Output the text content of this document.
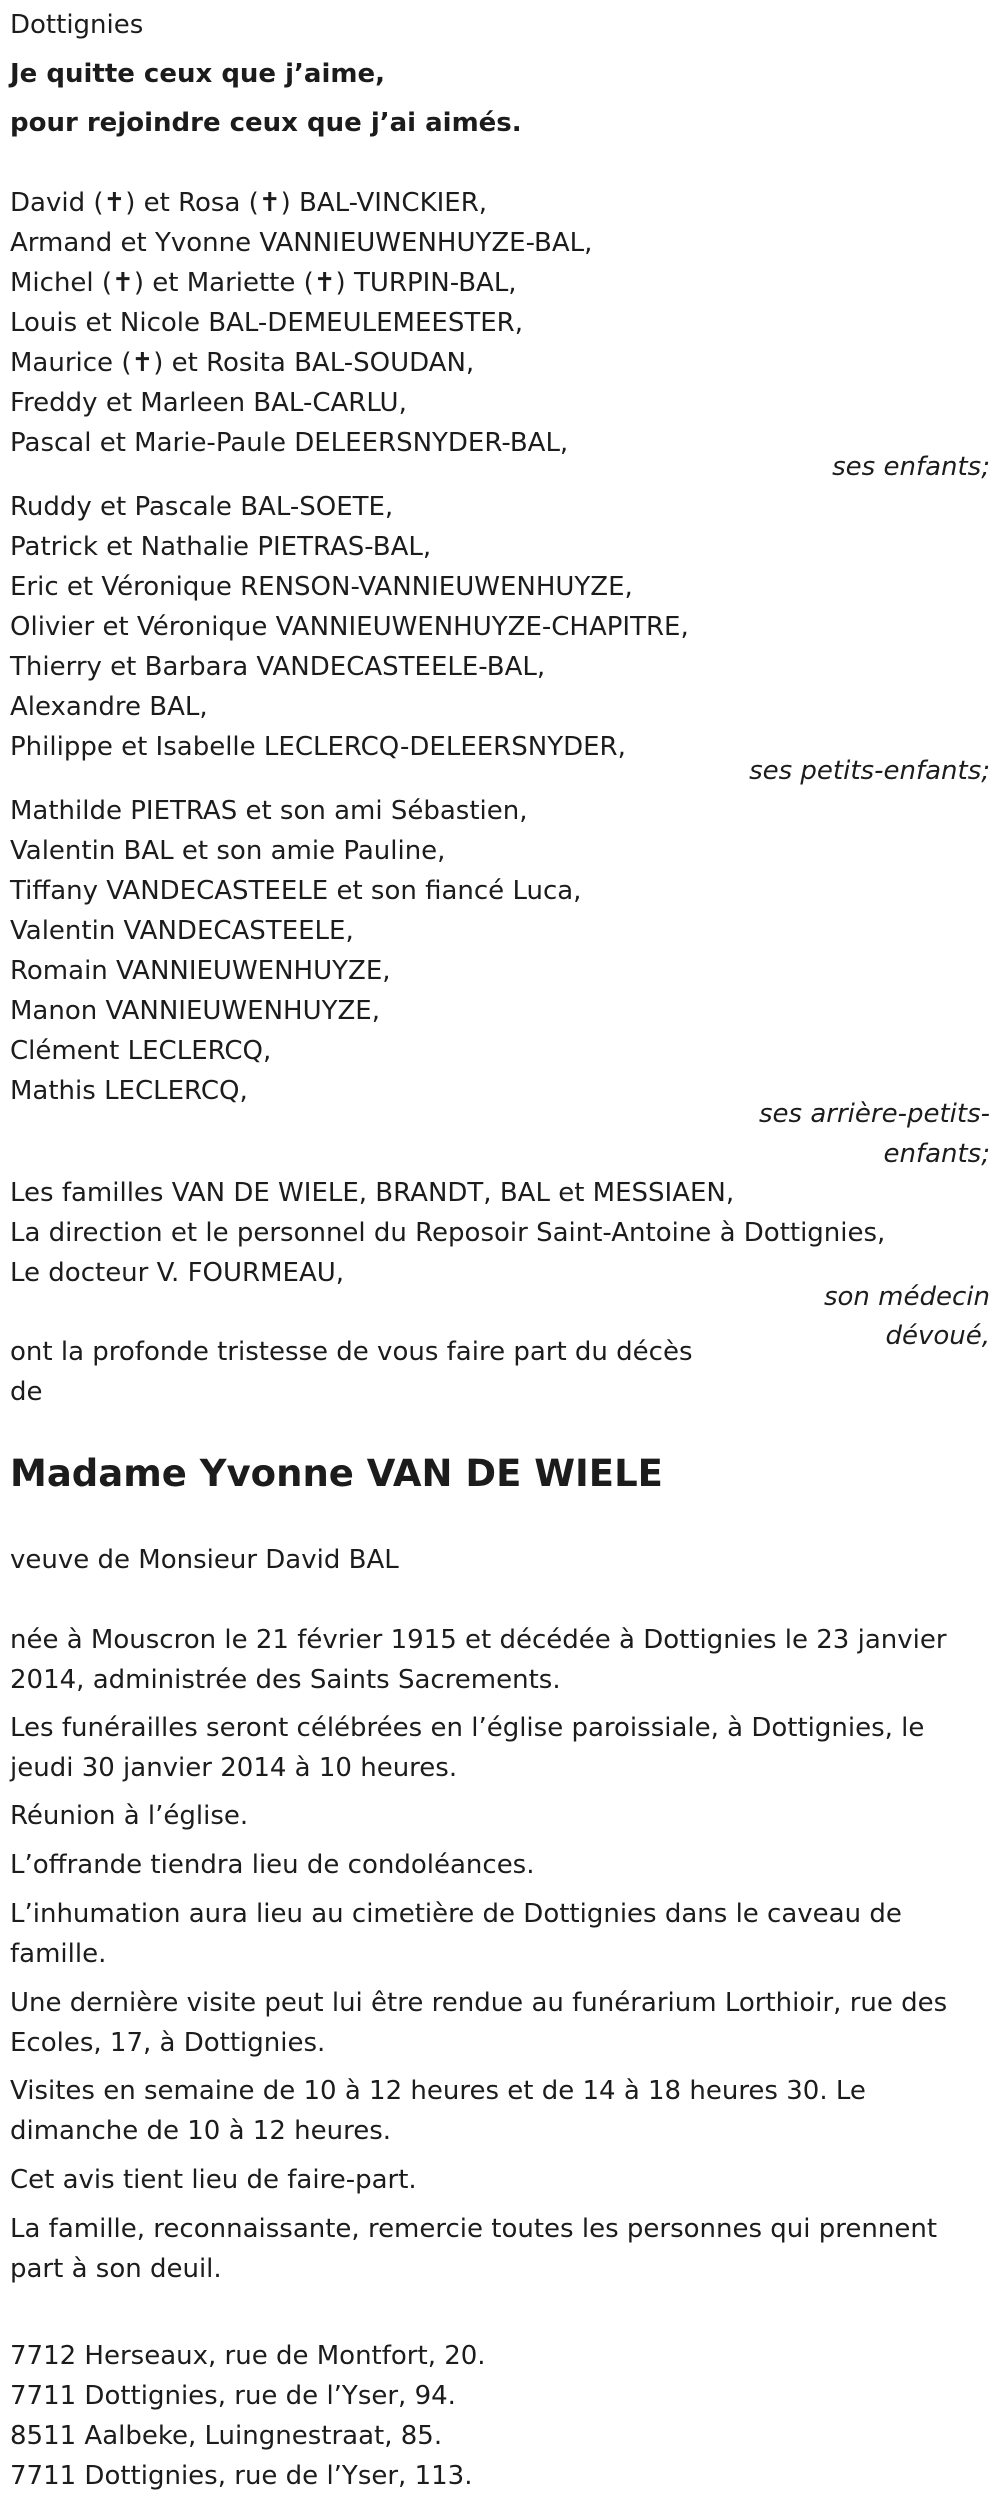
Dottignies
Je quitte ceux que j’aime,
pour rejoindre ceux que j’ai aimés.
David (✝) et Rosa (✝) BAL-VINCKIER,
Armand et Yvonne VANNIEUWENHUYZE-BAL,
Michel (✝) et Mariette (✝) TURPIN-BAL,
Louis et Nicole BAL-DEMEULEMEESTER,
Maurice (✝) et Rosita BAL-SOUDAN,
Freddy et Marleen BAL-CARLU,
Pascal et Marie-Paule DELEERSNYDER-BAL,
ses enfants;
Ruddy et Pascale BAL-SOETE,
Patrick et Nathalie PIETRAS-BAL,
Eric et Véronique RENSON-VANNIEUWENHUYZE,
Olivier et Véronique VANNIEUWENHUYZE-CHAPITRE,
Thierry et Barbara VANDECASTEELE-BAL,
Alexandre BAL,
Philippe et Isabelle LECLERCQ-DELEERSNYDER,
ses petits-enfants;
Mathilde PIETRAS et son ami Sébastien,
Valentin BAL et son amie Pauline,
Tiffany VANDECASTEELE et son fiancé Luca,
Valentin VANDECASTEELE,
Romain VANNIEUWENHUYZE,
Manon VANNIEUWENHUYZE,
Clément LECLERCQ,
Mathis LECLERCQ,
ses arrière-petits-
enfants;
Les familles VAN DE WIELE, BRANDT, BAL et MESSIAEN,
La direction et le personnel du Reposoir Saint-Antoine à Dottignies,
Le docteur V. FOURMEAU,
son médecin
dévoué,
ont la profonde tristesse de vous faire part du décès
de
Madame Yvonne VAN DE WIELE
veuve de Monsieur David BAL
née à Mouscron le 21 février 1915 et décédée à Dottignies le 23 janvier 2014, administrée des Saints Sacrements.
Les funérailles seront célébrées en l’église paroissiale, à Dottignies, le jeudi 30 janvier 2014 à 10 heures.
Réunion à l’église.
L’offrande tiendra lieu de condoléances.
L’inhumation aura lieu au cimetière de Dottignies dans le caveau de famille.
Une dernière visite peut lui être rendue au funérarium Lorthioir, rue des Ecoles, 17, à Dottignies.
Visites en semaine de 10 à 12 heures et de 14 à 18 heures 30. Le dimanche de 10 à 12 heures.
Cet avis tient lieu de faire-part.
La famille, reconnaissante, remercie toutes les personnes qui prennent part à son deuil.
7712 Herseaux, rue de Montfort, 20.
7711 Dottignies, rue de l’Yser, 94.
8511 Aalbeke, Luingnestraat, 85.
7711 Dottignies, rue de l’Yser, 113.
